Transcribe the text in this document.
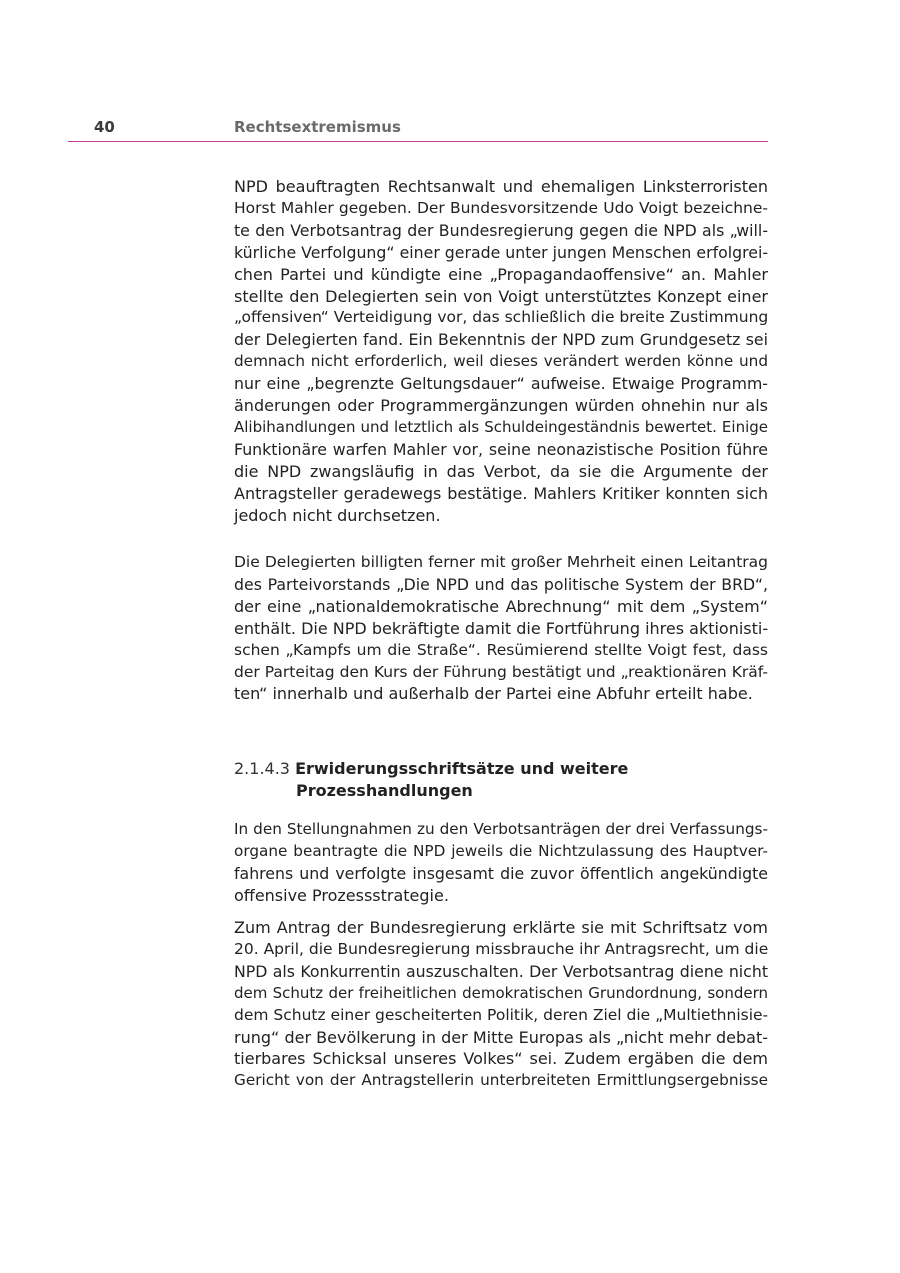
40	Rechtsextremismus
NPD beauftragten Rechtsanwalt und ehemaligen Linksterroristen
Horst Mahler gegeben. Der Bundesvorsitzende Udo Voigt bezeichne-
te den Verbotsantrag der Bundesregierung gegen die NPD als „will-
kürliche Verfolgung“ einer gerade unter jungen Menschen erfolgrei-
chen Partei und kündigte eine „Propagandaoffensive“ an. Mahler
stellte den Delegierten sein von Voigt unterstütztes Konzept einer
„offensiven“ Verteidigung vor, das schließlich die breite Zustimmung
der Delegierten fand. Ein Bekenntnis der NPD zum Grundgesetz sei
demnach nicht erforderlich, weil dieses verändert werden könne und
nur eine „begrenzte Geltungsdauer“ aufweise. Etwaige Programm-
änderungen oder Programmergänzungen würden ohnehin nur als
Alibihandlungen und letztlich als Schuldeingeständnis bewertet. Einige
Funktionäre warfen Mahler vor, seine neonazistische Position führe
die NPD zwangsläufig in das Verbot, da sie die Argumente der
Antragsteller geradewegs bestätige. Mahlers Kritiker konnten sich
jedoch nicht durchsetzen.
Die Delegierten billigten ferner mit großer Mehrheit einen Leitantrag
des Parteivorstands „Die NPD und das politische System der BRD“,
der eine „nationaldemokratische Abrechnung“ mit dem „System“
enthält. Die NPD bekräftigte damit die Fortführung ihres aktionisti-
schen „Kampfs um die Straße“. Resümierend stellte Voigt fest, dass
der Parteitag den Kurs der Führung bestätigt und „reaktionären Kräf-
ten“ innerhalb und außerhalb der Partei eine Abfuhr erteilt habe.
2.1.4.3 Erwiderungsschriftsätze und weitere
Prozesshandlungen
In den Stellungnahmen zu den Verbotsanträgen der drei Verfassungs-
organe beantragte die NPD jeweils die Nichtzulassung des Hauptver-
fahrens und verfolgte insgesamt die zuvor öffentlich angekündigte
offensive Prozessstrategie.
Zum Antrag der Bundesregierung erklärte sie mit Schriftsatz vom
20. April, die Bundesregierung missbrauche ihr Antragsrecht, um die
NPD als Konkurrentin auszuschalten. Der Verbotsantrag diene nicht
dem Schutz der freiheitlichen demokratischen Grundordnung, sondern
dem Schutz einer gescheiterten Politik, deren Ziel die „Multiethnisie-
rung“ der Bevölkerung in der Mitte Europas als „nicht mehr debat-
tierbares Schicksal unseres Volkes“ sei. Zudem ergäben die dem
Gericht von der Antragstellerin unterbreiteten Ermittlungsergebnisse
